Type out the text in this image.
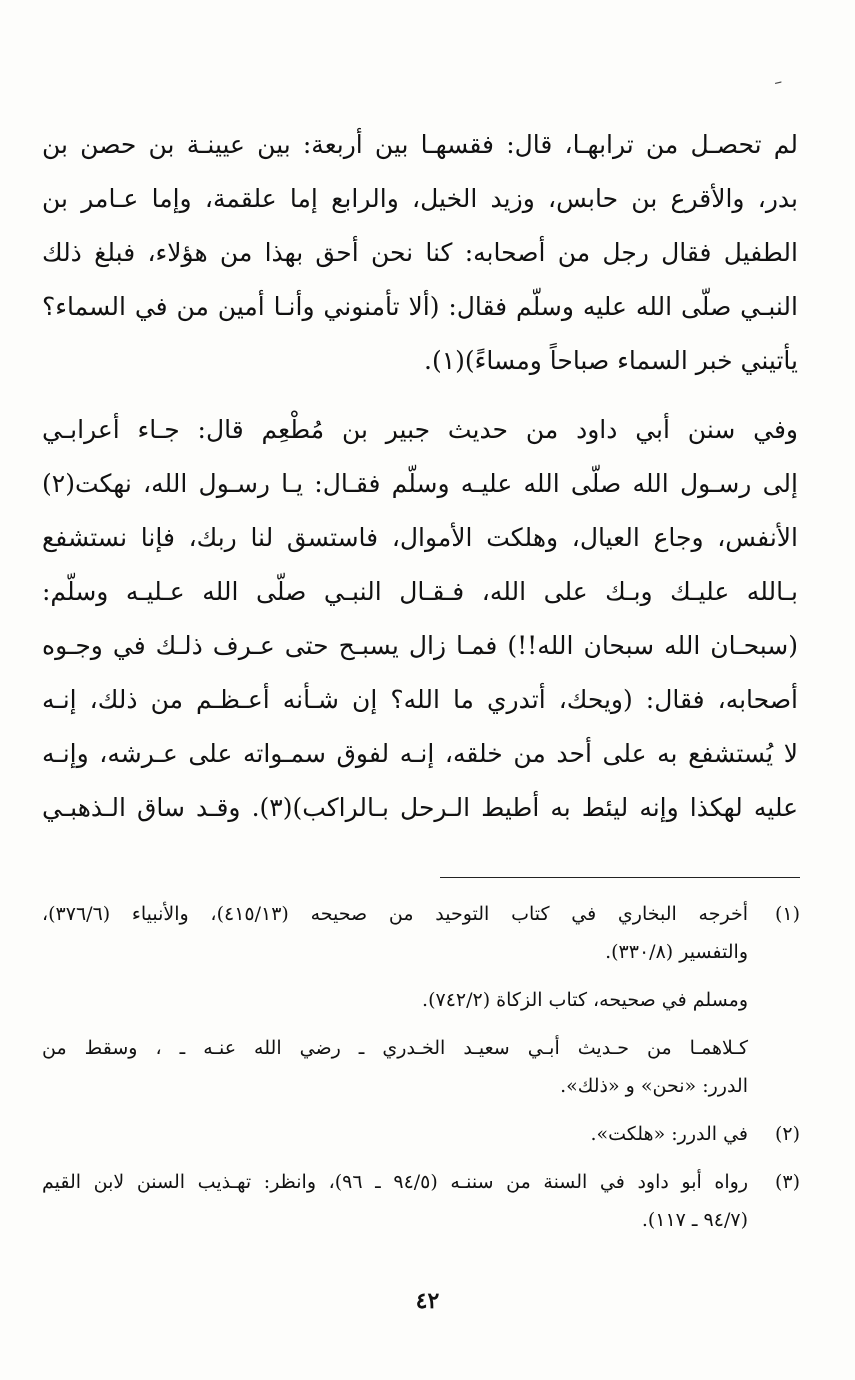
ﹶ
لم تحصـل من ترابهـا، قال: فقسهـا بين أربعة: بين عيينـة بن حصن بن
بدر، والأقرع بن حابس، وزيد الخيل، والرابع إما علقمة، وإما عـامر بن
الطفيل فقال رجل من أصحابه: كنا نحن أحق بهذا من هؤلاء، فبلغ ذلك
النبـي صلّى الله عليه وسلّم فقال: (ألا تأمنوني وأنـا أمين من في السماء؟
يأتيني خبر السماء صباحاً ومساءً)(١).
وفي سنن أبي داود من حديث جبير بن مُطْعِم قال: جـاء أعرابـي
إلى رسـول الله صلّى الله عليـه وسلّم فقـال: يـا رسـول الله، نهكت(٢)
الأنفس، وجاع العيال، وهلكت الأموال، فاستسق لنا ربك، فإنا نستشفع
بـالله عليـك وبـك على الله، فـقـال النبـي صلّى الله عـليـه وسلّم:
(سبحـان الله سبحان الله!!) فمـا زال يسبـح حتى عـرف ذلـك في وجـوه
أصحابه، فقال: (ويحك، أتدري ما الله؟ إن شـأنه أعـظـم من ذلك، إنـه
لا يُستشفع به على أحد من خلقه، إنـه لفوق سمـواته على عـرشه، وإنـه
عليه لهكذا وإنه ليئط به أطيط الـرحل بـالراكب)(٣). وقـد ساق الـذهبـي
(١)
أخرجه البخاري في كتاب التوحيد من صحيحه (٤١٥/١٣)، والأنبياء (٣٧٦/٦)،
والتفسير (٣٣٠/٨).
ومسلم في صحيحه، كتاب الزكاة (٧٤٢/٢).
كـلاهمـا من حـديث أبـي سعيـد الخـدري ـ رضي الله عنـه ـ ، وسقط من
الدرر: «نحن» و «ذلك».
(٢)
في الدرر: «هلكت».
(٣)
رواه أبو داود في السنة من سننـه (٩٤/٥ ـ ٩٦)، وانظر: تهـذيب السنن لابن القيم
(٩٤/٧ ـ ١١٧).
٤٢
